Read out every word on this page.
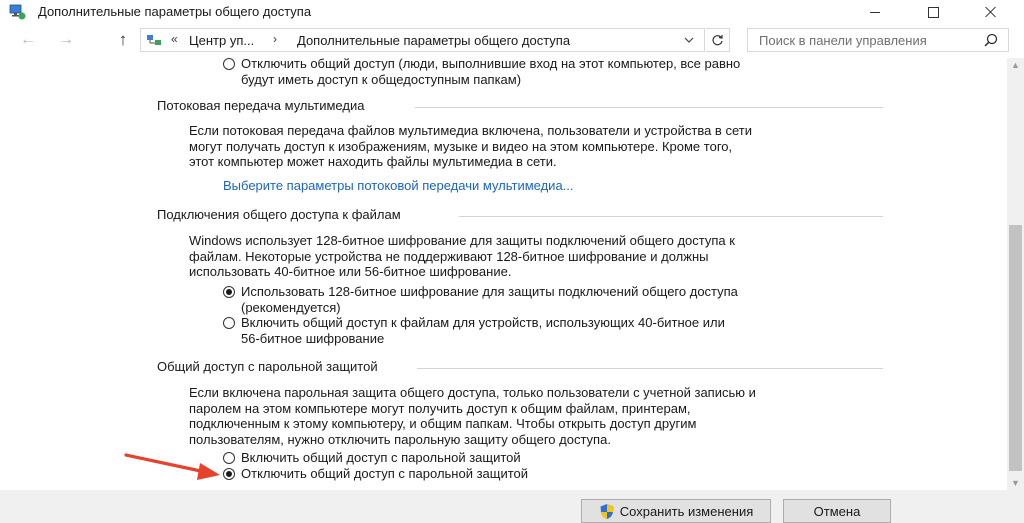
Дополнительные параметры общего доступа
← →	↑	« Центр уп... › Дополнительные параметры общего доступа	Поиск в панели управления
Отключить общий доступ (люди, выполнившие вход на этот компьютер, все равно
будут иметь доступ к общедоступным папкам)
Потоковая передача мультимедиа
Если потоковая передача файлов мультимедиа включена, пользователи и устройства в сети
могут получать доступ к изображениям, музыке и видео на этом компьютере. Кроме того,
этот компьютер может находить файлы мультимедиа в сети.
Выберите параметры потоковой передачи мультимедиа...
Подключения общего доступа к файлам
Windows использует 128-битное шифрование для защиты подключений общего доступа к
файлам. Некоторые устройства не поддерживают 128-битное шифрование и должны
использовать 40-битное или 56-битное шифрование.
Использовать 128-битное шифрование для защиты подключений общего доступа
(рекомендуется)
Включить общий доступ к файлам для устройств, использующих 40-битное или
56-битное шифрование
Общий доступ с парольной защитой
Если включена парольная защита общего доступа, только пользователи с учетной записью и
паролем на этом компьютере могут получить доступ к общим файлам, принтерам,
подключенным к этому компьютеру, и общим папкам. Чтобы открыть доступ другим
пользователям, нужно отключить парольную защиту общего доступа.
Включить общий доступ с парольной защитой
Отключить общий доступ с парольной защитой
▲
▼
Сохранить изменения	Отмена
